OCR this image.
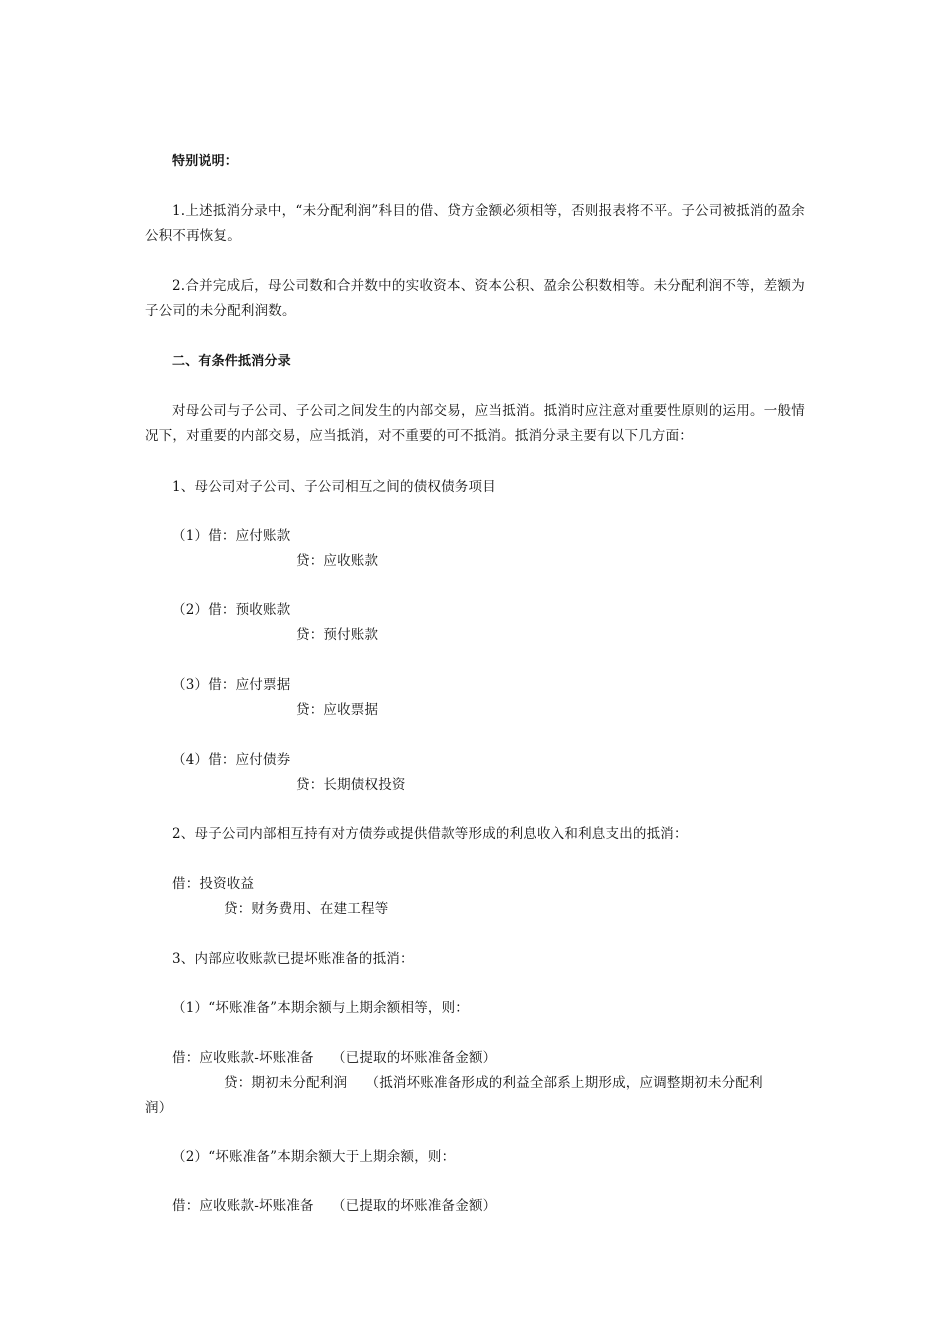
特别说明：
1.上述抵消分录中，“未分配利润”科目的借、贷方金额必须相等，否则报表将不平。子公司被抵消的盈余公积不再恢复。
2.合并完成后，母公司数和合并数中的实收资本、资本公积、盈余公积数相等。未分配利润不等，差额为子公司的未分配利润数。
二、有条件抵消分录
对母公司与子公司、子公司之间发生的内部交易，应当抵消。抵消时应注意对重要性原则的运用。一般情况下，对重要的内部交易，应当抵消，对不重要的可不抵消。抵消分录主要有以下几方面：
1、母公司对子公司、子公司相互之间的债权债务项目
（1）借：应付账款
贷：应收账款
（2）借：预收账款
贷：预付账款
（3）借：应付票据
贷：应收票据
（4）借：应付债券
贷：长期债权投资
2、母子公司内部相互持有对方债券或提供借款等形成的利息收入和利息支出的抵消：
借：投资收益
贷：财务费用、在建工程等
3、内部应收账款已提坏账准备的抵消：
（1）“坏账准备”本期余额与上期余额相等，则：
借：应收账款-坏账准备　 （已提取的坏账准备金额）
贷：期初未分配利润　 （抵消坏账准备形成的利益全部系上期形成，应调整期初未分配利
润）
（2）“坏账准备”本期余额大于上期余额，则：
借：应收账款-坏账准备　 （已提取的坏账准备金额）
